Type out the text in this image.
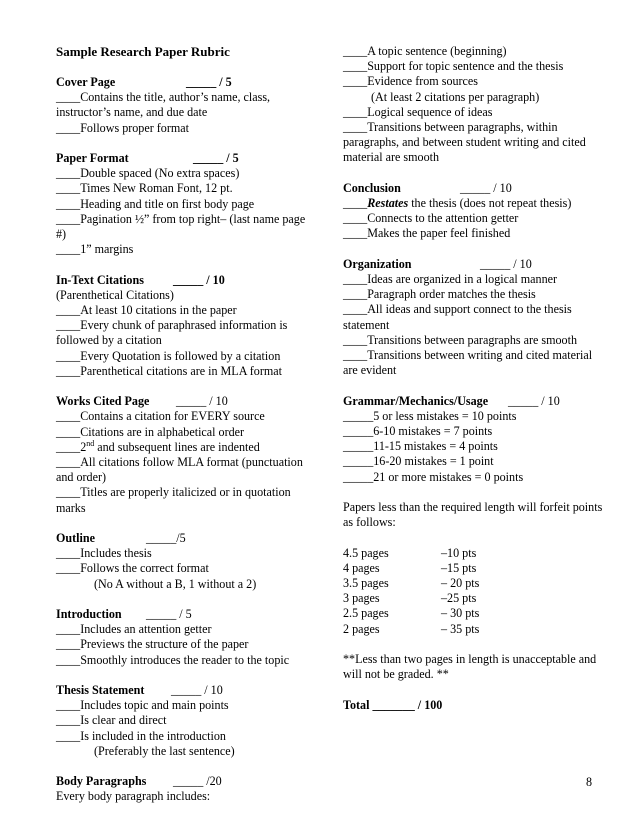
Sample Research Paper Rubric
Cover Page	_____ / 5
____Contains the title, author’s name, class, instructor’s name, and due date
____Follows proper format
Paper Format	_____ / 5
____Double spaced (No extra spaces)
____Times New Roman Font, 12 pt.
____Heading and title on first body page
____Pagination ½” from top right– (last name page #)
____1” margins
In-Text Citations _____ / 10
(Parenthetical Citations)
____At least 10 citations in the paper
____Every chunk of paraphrased information is followed by a citation
____Every Quotation is followed by a citation
____Parenthetical citations are in MLA format
Works Cited Page _____ / 10
____Contains a citation for EVERY source
____Citations are in alphabetical order
____2nd and subsequent lines are indented
____All citations follow MLA format (punctuation and order)
____Titles are properly italicized or in quotation marks
Outline	_____/5
____Includes thesis
____Follows the correct format
(No A without a B, 1 without a 2)
Introduction _____ / 5
____Includes an attention getter
____Previews the structure of the paper
____Smoothly introduces the reader to the topic
Thesis Statement _____ / 10
____Includes topic and main points
____Is clear and direct
____Is included in the introduction
(Preferably the last sentence)
Body Paragraphs _____ /20
Every body paragraph includes:
____A topic sentence (beginning)
____Support for topic sentence and the thesis
____Evidence from sources
(At least 2 citations per paragraph)
____Logical sequence of ideas
____Transitions between paragraphs, within paragraphs, and between student writing and cited material are smooth
Conclusion	_____ / 10
____Restates the thesis (does not repeat thesis)
____Connects to the attention getter
____Makes the paper feel finished
Organization	_____ / 10
____Ideas are organized in a logical manner
____Paragraph order matches the thesis
____All ideas and support connect to the thesis statement
____Transitions between paragraphs are smooth
____Transitions between writing and cited material are evident
Grammar/Mechanics/Usage _____ / 10
_____5 or less mistakes = 10 points
_____6-10 mistakes = 7 points
_____11-15 mistakes = 4 points
_____16-20 mistakes = 1 point
_____21 or more mistakes = 0 points
Papers less than the required length will forfeit points as follows:
4.5 pages	–10 pts
4 pages	–15 pts
3.5 pages	– 20 pts
3 pages	–25 pts
2.5 pages	– 30 pts
2 pages	– 35 pts
**Less than two pages in length is unacceptable and will not be graded. **
Total _______ / 100
8
